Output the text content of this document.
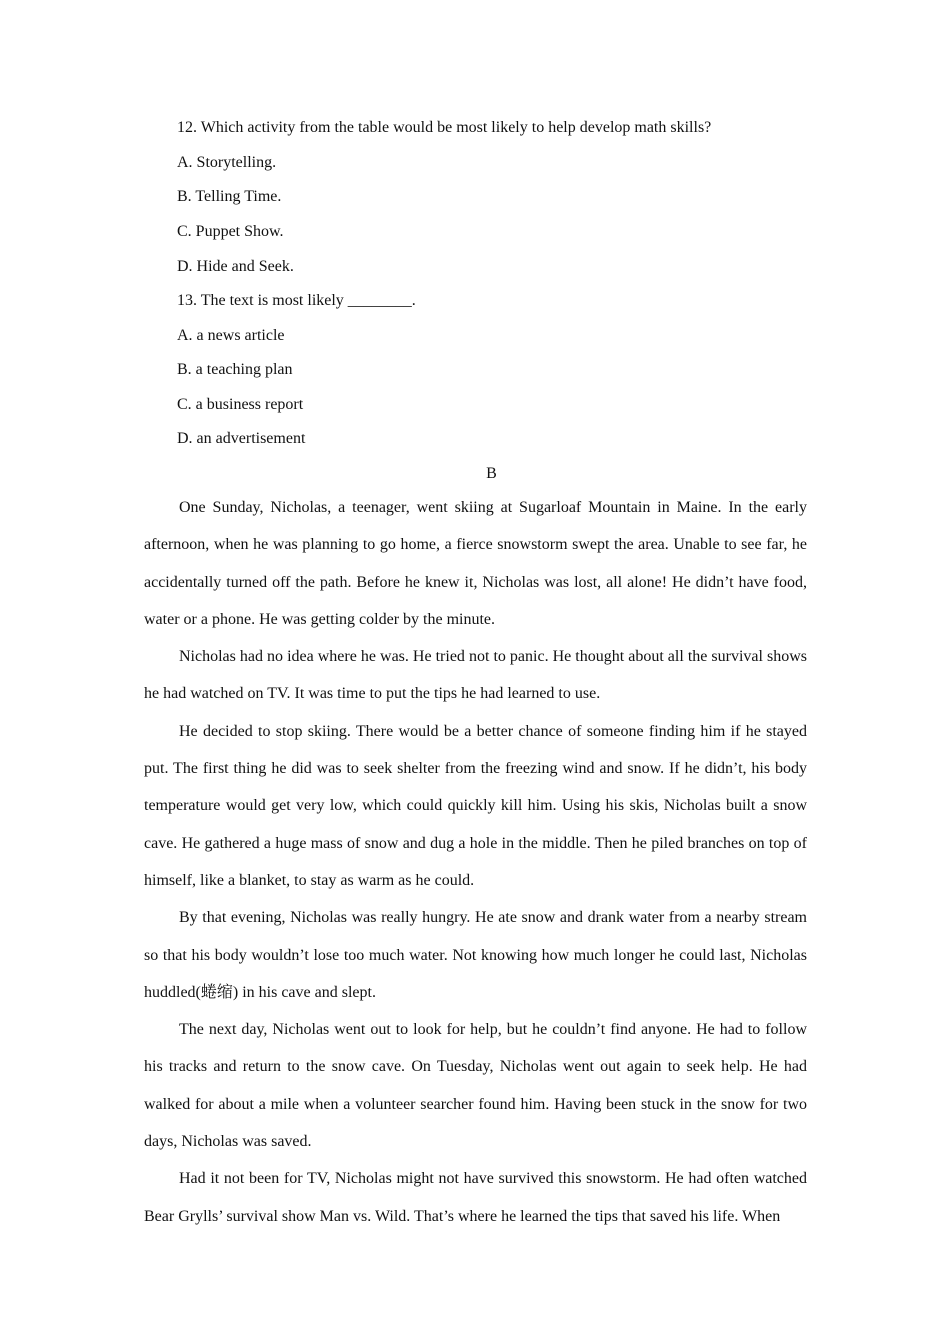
12. Which activity from the table would be most likely to help develop math skills?
A. Storytelling.
B. Telling Time.
C. Puppet Show.
D. Hide and Seek.
13. The text is most likely ________.
A. a news article
B. a teaching plan
C. a business report
D. an advertisement
B

One Sunday, Nicholas, a teenager, went skiing at Sugarloaf Mountain in Maine. In the early afternoon, when he was planning to go home, a fierce snowstorm swept the area. Unable to see far, he accidentally turned off the path. Before he knew it, Nicholas was lost, all alone! He didn’t have food, water or a phone. He was getting colder by the minute.

Nicholas had no idea where he was. He tried not to panic. He thought about all the survival shows he had watched on TV. It was time to put the tips he had learned to use.

He decided to stop skiing. There would be a better chance of someone finding him if he stayed put. The first thing he did was to seek shelter from the freezing wind and snow. If he didn’t, his body temperature would get very low, which could quickly kill him. Using his skis, Nicholas built a snow cave. He gathered a huge mass of snow and dug a hole in the middle. Then he piled branches on top of himself, like a blanket, to stay as warm as he could.

By that evening, Nicholas was really hungry. He ate snow and drank water from a nearby stream so that his body wouldn’t lose too much water. Not knowing how much longer he could last, Nicholas huddled(蜷缩) in his cave and slept.

The next day, Nicholas went out to look for help, but he couldn’t find anyone. He had to follow his tracks and return to the snow cave. On Tuesday, Nicholas went out again to seek help. He had walked for about a mile when a volunteer searcher found him. Having been stuck in the snow for two days, Nicholas was saved.

Had it not been for TV, Nicholas might not have survived this snowstorm. He had often watched Bear Grylls’ survival show Man vs. Wild. That’s where he learned the tips that saved his life. When
